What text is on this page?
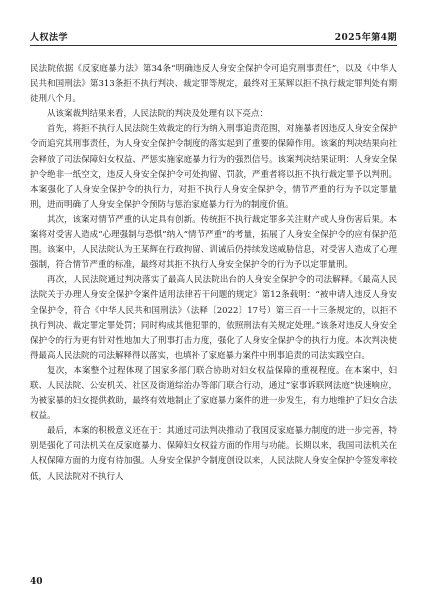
人权法学	2025年第4期

民法院依据《反家庭暴力法》第34条“明确违反人身安全保护令可追究刑事责任”，以及《中华人民共和国刑法》第313条拒不执行判决、裁定罪等规定，最终对王某辉以拒不执行裁定罪判处有期徒刑八个月。

从该案裁判结果来看，人民法院的判决及处理有以下亮点：

首先，将拒不执行人民法院生效裁定的行为纳入刑事追责范围，对施暴者因违反人身安全保护令而追究其刑事责任，为人身安全保护令制度的落实起到了重要的保障作用。该案的判决结果向社会释放了司法保障妇女权益、严惩实施家庭暴力行为的强烈信号。该案判决结果证明：人身安全保护令绝非一纸空文，违反人身安全保护令可处拘留、罚款，严重者将以拒不执行裁定罪予以判刑。本案强化了人身安全保护令的执行力，对拒不执行人身安全保护令，情节严重的行为予以定罪量刑，进而明确了人身安全保护令预防与惩治家庭暴力行为的制度价值。

其次，该案对情节严重的认定具有创新。传统拒不执行裁定罪多关注财产或人身伤害后果。本案将对受害人造成“心理强制与恐惧”纳入“情节严重”的考量，拓展了人身安全保护令的应有保护范围。该案中，人民法院认为王某辉在行政拘留、训诫后仍持续发送威胁信息，对受害人造成了心理强制，符合情节严重的标准，最终对其拒不执行人身安全保护令的行为予以定罪量刑。

再次，人民法院通过判决落实了最高人民法院出台的人身安全保护令的司法解释。《最高人民法院关于办理人身安全保护令案件适用法律若干问题的规定》第12条载明：“被申请人违反人身安全保护令，符合《中华人民共和国刑法》（法释〔2022〕17号）第三百一十三条规定的，以拒不执行判决、裁定罪定罪处罚；同时构成其他犯罪的，依照刑法有关规定处理。”该条对违反人身安全保护令的行为更有针对性地加大了刑事打击力度，强化了人身安全保护令的执行力度。本次判决使得最高人民法院的司法解释得以落实，也填补了家庭暴力案件中刑事追责的司法实践空白。

复次，本案整个过程体现了国家多部门联合协助对妇女权益保障的重视程度。在本案中，妇联、人民法院、公安机关、社区及街道综治办等部门联合行动，通过“家事诉联网法庭”快速响应，为被家暴的妇女提供救助，最终有效地制止了家庭暴力案件的进一步发生，有力地维护了妇女合法权益。

最后，本案的积极意义还在于：其通过司法判决推动了我国反家庭暴力制度的进一步完善，特别是强化了司法机关在反家庭暴力、保障妇女权益方面的作用与功能。长期以来，我国司法机关在人权保障方面的力度有待加强。人身安全保护令制度创设以来，人民法院人身安全保护令签发率较低，人民法院对不执行人

40
